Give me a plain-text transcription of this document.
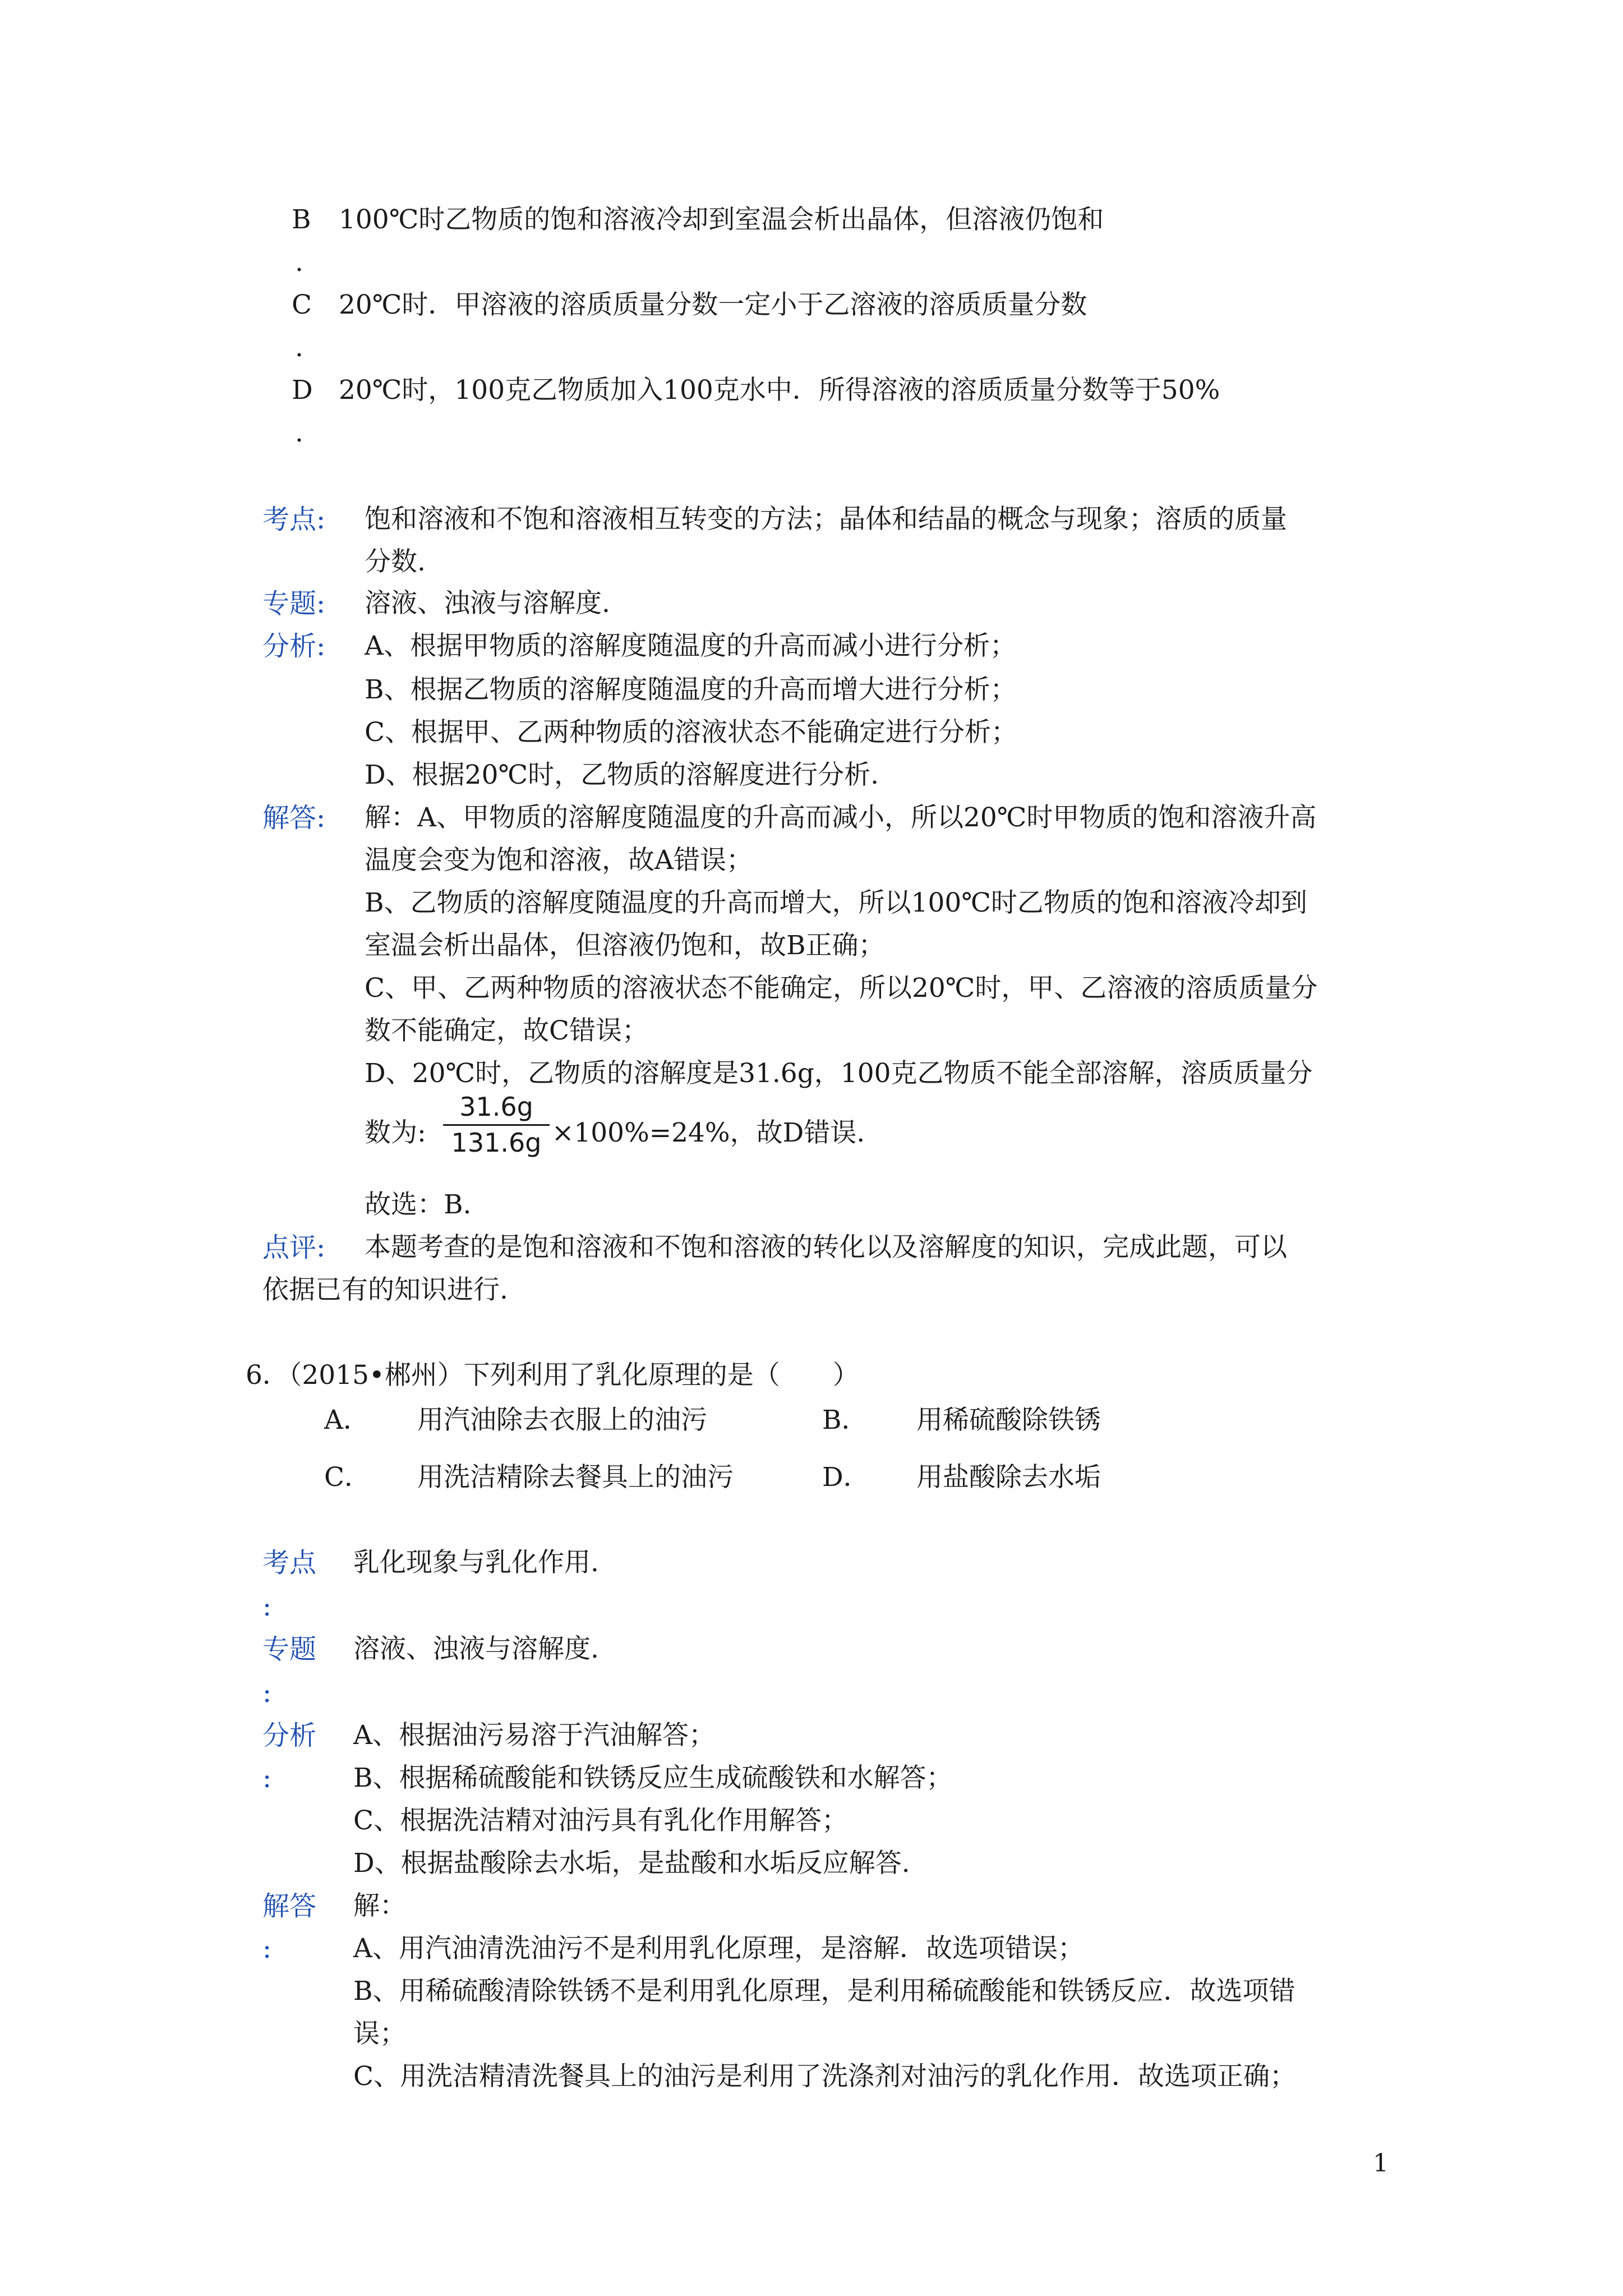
B 100℃时乙物质的饱和溶液冷却到室温会析出晶体，但溶液仍饱和
.
C 20℃时．甲溶液的溶质质量分数一定小于乙溶液的溶质质量分数
.
D 20℃时，100克乙物质加入100克水中．所得溶液的溶质质量分数等于50%
.
考点: 饱和溶液和不饱和溶液相互转变的方法；晶体和结晶的概念与现象；溶质的质量
分数.
专题: 溶液、浊液与溶解度.
分析: A、根据甲物质的溶解度随温度的升高而减小进行分析；
B、根据乙物质的溶解度随温度的升高而增大进行分析；
C、根据甲、乙两种物质的溶液状态不能确定进行分析；
D、根据20℃时，乙物质的溶解度进行分析.
解答: 解：A、甲物质的溶解度随温度的升高而减小，所以20℃时甲物质的饱和溶液升高
温度会变为饱和溶液，故A错误；
B、乙物质的溶解度随温度的升高而增大，所以100℃时乙物质的饱和溶液冷却到
室温会析出晶体，但溶液仍饱和，故B正确；
C、甲、乙两种物质的溶液状态不能确定，所以20℃时，甲、乙溶液的溶质质量分
数不能确定，故C错误；
D、20℃时，乙物质的溶解度是31.6g，100克乙物质不能全部溶解，溶质质量分
数为:
31.6g
131.6g ×100%=24%，故D错误.
故选：B.
点评: 本题考查的是饱和溶液和不饱和溶液的转化以及溶解度的知识，完成此题，可以
依据已有的知识进行.
6．（2015•郴州）下列利用了乳化原理的是（　　）
A． 用汽油除去衣服上的油污	B． 用稀硫酸除铁锈
C． 用洗洁精除去餐具上的油污	D． 用盐酸除去水垢
考点 乳化现象与乳化作用.
:
专题 溶液、浊液与溶解度.
:
分析 A、根据油污易溶于汽油解答；
:	B、根据稀硫酸能和铁锈反应生成硫酸铁和水解答；
C、根据洗洁精对油污具有乳化作用解答；
D、根据盐酸除去水垢，是盐酸和水垢反应解答.
解答 解：
:	A、用汽油清洗油污不是利用乳化原理，是溶解．故选项错误；
B、用稀硫酸清除铁锈不是利用乳化原理，是利用稀硫酸能和铁锈反应．故选项错
误；
C、用洗洁精清洗餐具上的油污是利用了洗涤剂对油污的乳化作用．故选项正确；
1
